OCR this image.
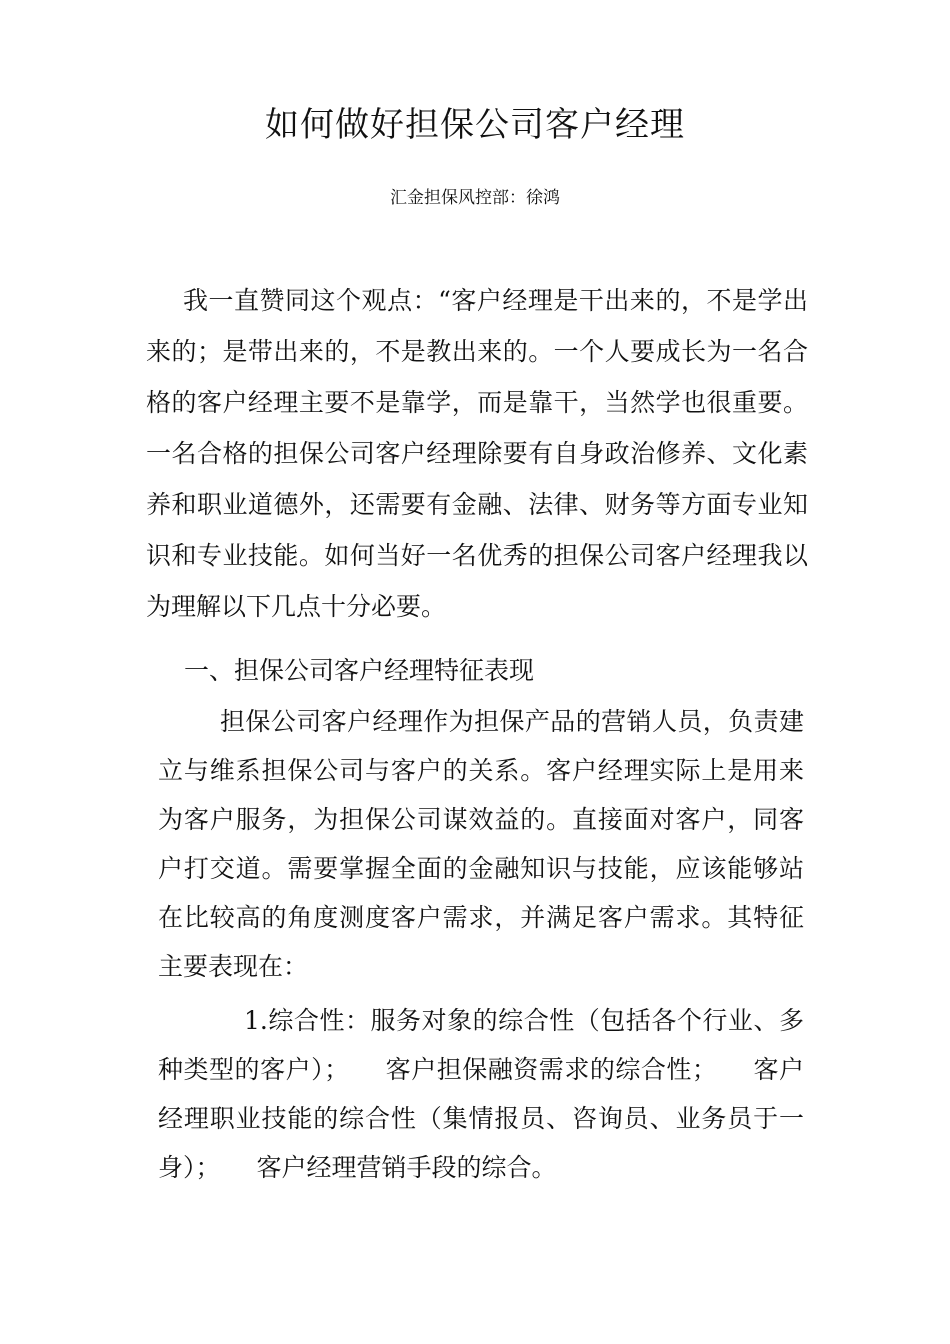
如何做好担保公司客户经理
汇金担保风控部：徐鸿

我一直赞同这个观点：“客户经理是干出来的，不是学出来的；是带出来的，不是教出来的。一个人要成长为一名合格的客户经理主要不是靠学，而是靠干，当然学也很重要。一名合格的担保公司客户经理除要有自身政治修养、文化素养和职业道德外，还需要有金融、法律、财务等方面专业知识和专业技能。如何当好一名优秀的担保公司客户经理我以为理解以下几点十分必要。

一、担保公司客户经理特征表现

担保公司客户经理作为担保产品的营销人员，负责建立与维系担保公司与客户的关系。客户经理实际上是用来为客户服务，为担保公司谋效益的。直接面对客户，同客户打交道。需要掌握全面的金融知识与技能，应该能够站在比较高的角度测度客户需求，并满足客户需求。其特征主要表现在：

1.综合性：服务对象的综合性（包括各个行业、多种类型的客户）； 客户担保融资需求的综合性； 客户经理职业技能的综合性（集情报员、咨询员、业务员于一身）； 客户经理营销手段的综合。
